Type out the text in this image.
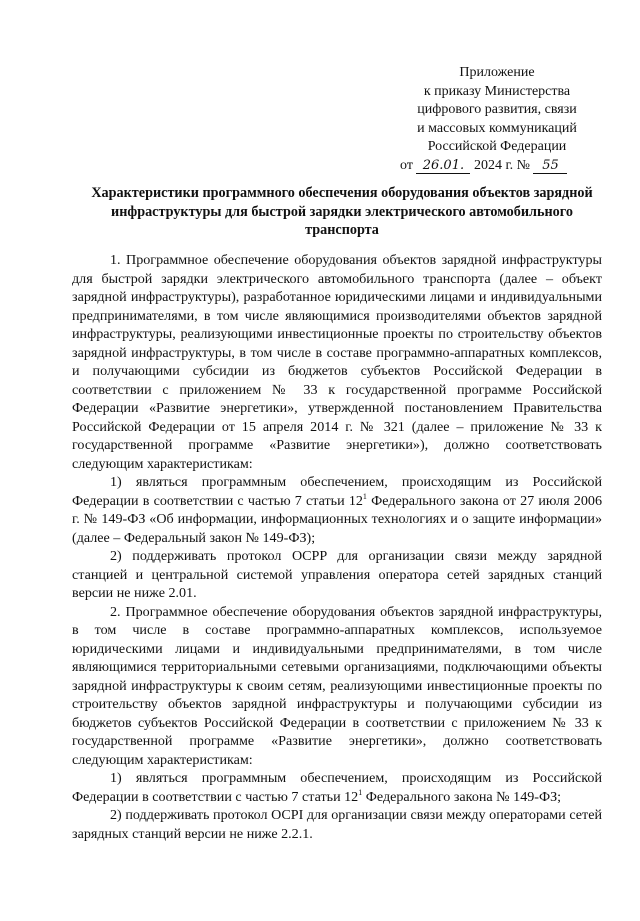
Приложение
к приказу Министерства
цифрового развития, связи
и массовых коммуникаций
Российской Федерации
от 26.01. 2024 г. № 55
Характеристики программного обеспечения оборудования объектов зарядной инфраструктуры для быстрой зарядки электрического автомобильного транспорта

1. Программное обеспечение оборудования объектов зарядной инфраструктуры для быстрой зарядки электрического автомобильного транспорта (далее – объект зарядной инфраструктуры), разработанное юридическими лицами и индивидуальными предпринимателями, в том числе являющимися производителями объектов зарядной инфраструктуры, реализующими инвестиционные проекты по строительству объектов зарядной инфраструктуры, в том числе в составе программно-аппаратных комплексов, и получающими субсидии из бюджетов субъектов Российской Федерации в соответствии с приложением № 33 к государственной программе Российской Федерации «Развитие энергетики», утвержденной постановлением Правительства Российской Федерации от 15 апреля 2014 г. № 321 (далее – приложение № 33 к государственной программе «Развитие энергетики»), должно соответствовать следующим характеристикам:

1) являться программным обеспечением, происходящим из Российской Федерации в соответствии с частью 7 статьи $12^1$ Федерального закона от 27 июля 2006 г. № 149-ФЗ «Об информации, информационных технологиях и о защите информации» (далее – Федеральный закон № 149-ФЗ);

2) поддерживать протокол OCPP для организации связи между зарядной станцией и центральной системой управления оператора сетей зарядных станций версии не ниже 2.01.

2. Программное обеспечение оборудования объектов зарядной инфраструктуры, в том числе в составе программно-аппаратных комплексов, используемое юридическими лицами и индивидуальными предпринимателями, в том числе являющимися территориальными сетевыми организациями, подключающими объекты зарядной инфраструктуры к своим сетям, реализующими инвестиционные проекты по строительству объектов зарядной инфраструктуры и получающими субсидии из бюджетов субъектов Российской Федерации в соответствии с приложением № 33 к государственной программе «Развитие энергетики», должно соответствовать следующим характеристикам:

1) являться программным обеспечением, происходящим из Российской Федерации в соответствии с частью 7 статьи $12^1$ Федерального закона № 149-ФЗ;

2) поддерживать протокол OCPI для организации связи между операторами сетей зарядных станций версии не ниже 2.2.1.
